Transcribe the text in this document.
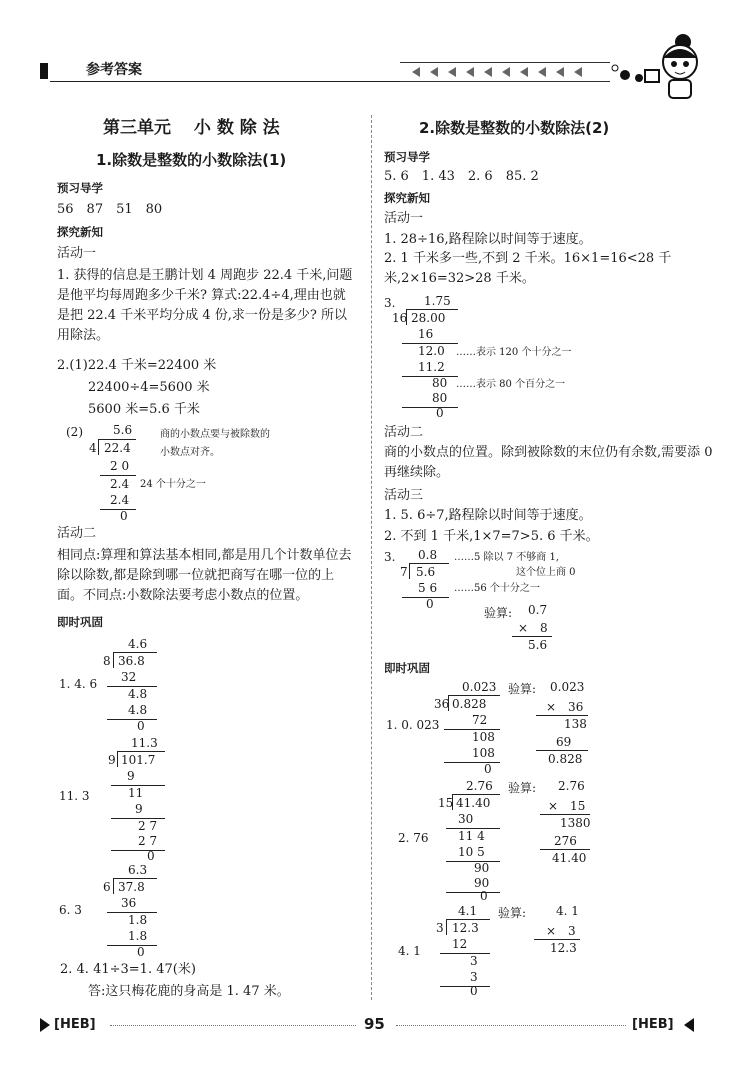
参考答案
第三单元　 小 数 除 法
1.除数是整数的小数除法(1)
预习导学
56　87　51　80
探究新知
活动一
1. 获得的信息是王鹏计划 4 周跑步 22.4 千米,问题是他平均每周跑多少千米? 算式:22.4÷4,理由也就是把 22.4 千米平均分成 4 份,求一份是多少? 所以用除法。
2.(1)22.4 千米=22400 米
22400÷4=5600 米
5600 米=5.6 千米
(2)	5.6
4 22.4
2 0
2.4
2.4
0
商的小数点要与被除数的
小数点对齐。
24 个十分之一
活动二
相同点:算理和算法基本相同,都是用几个计数单位去除以除数,都是除到哪一位就把商写在哪一位的上面。不同点:小数除法要考虑小数点的位置。
即时巩固
1. 4. 6
4.6
8 36.8
32
4.8
4.8
0
11. 3
11.3
9 101.7
9
11
9
2 7
2 7
0
6. 3
6.3
6 37.8
36
1.8
1.8
0
2. 4. 41÷3=1. 47(米)
答:这只梅花鹿的身高是 1. 47 米。
2.除数是整数的小数除法(2)
预习导学
5. 6　1. 43　2. 6　85. 2
探究新知
活动一
1. 28÷16,路程除以时间等于速度。
2. 1 千米多一些,不到 2 千米。16×1=16<28 千米,2×16=32>28 千米。
3. 1.75
16 28.00
16
12.0
11.2
80
80
0
……表示 120 个十分之一
……表示 80 个百分之一
活动二
商的小数点的位置。除到被除数的末位仍有余数,需要添 0 再继续除。
活动三
1. 5. 6÷7,路程除以时间等于速度。
2. 不到 1 千米,1×7=7>5. 6 千米。
3. 0.8
7 5.6
5 6
0
……5 除以 7 不够商 1,
这个位上商 0
……56 个十分之一
验算: 0.7
×　8
5.6
即时巩固
1. 0. 023
0.023
36 0.828
72
108
108
0
验算: 0.023
×　36
138
69
0.828
2. 76
2.76
15 41.40
30
11 4
10 5
90
90
0
验算: 2.76
×　15
1380
276
41.40
4. 1
4.1
3 12.3
12
3
3
0
验算: 4. 1
×　3
12.3
[HEB]	95	[HEB]
